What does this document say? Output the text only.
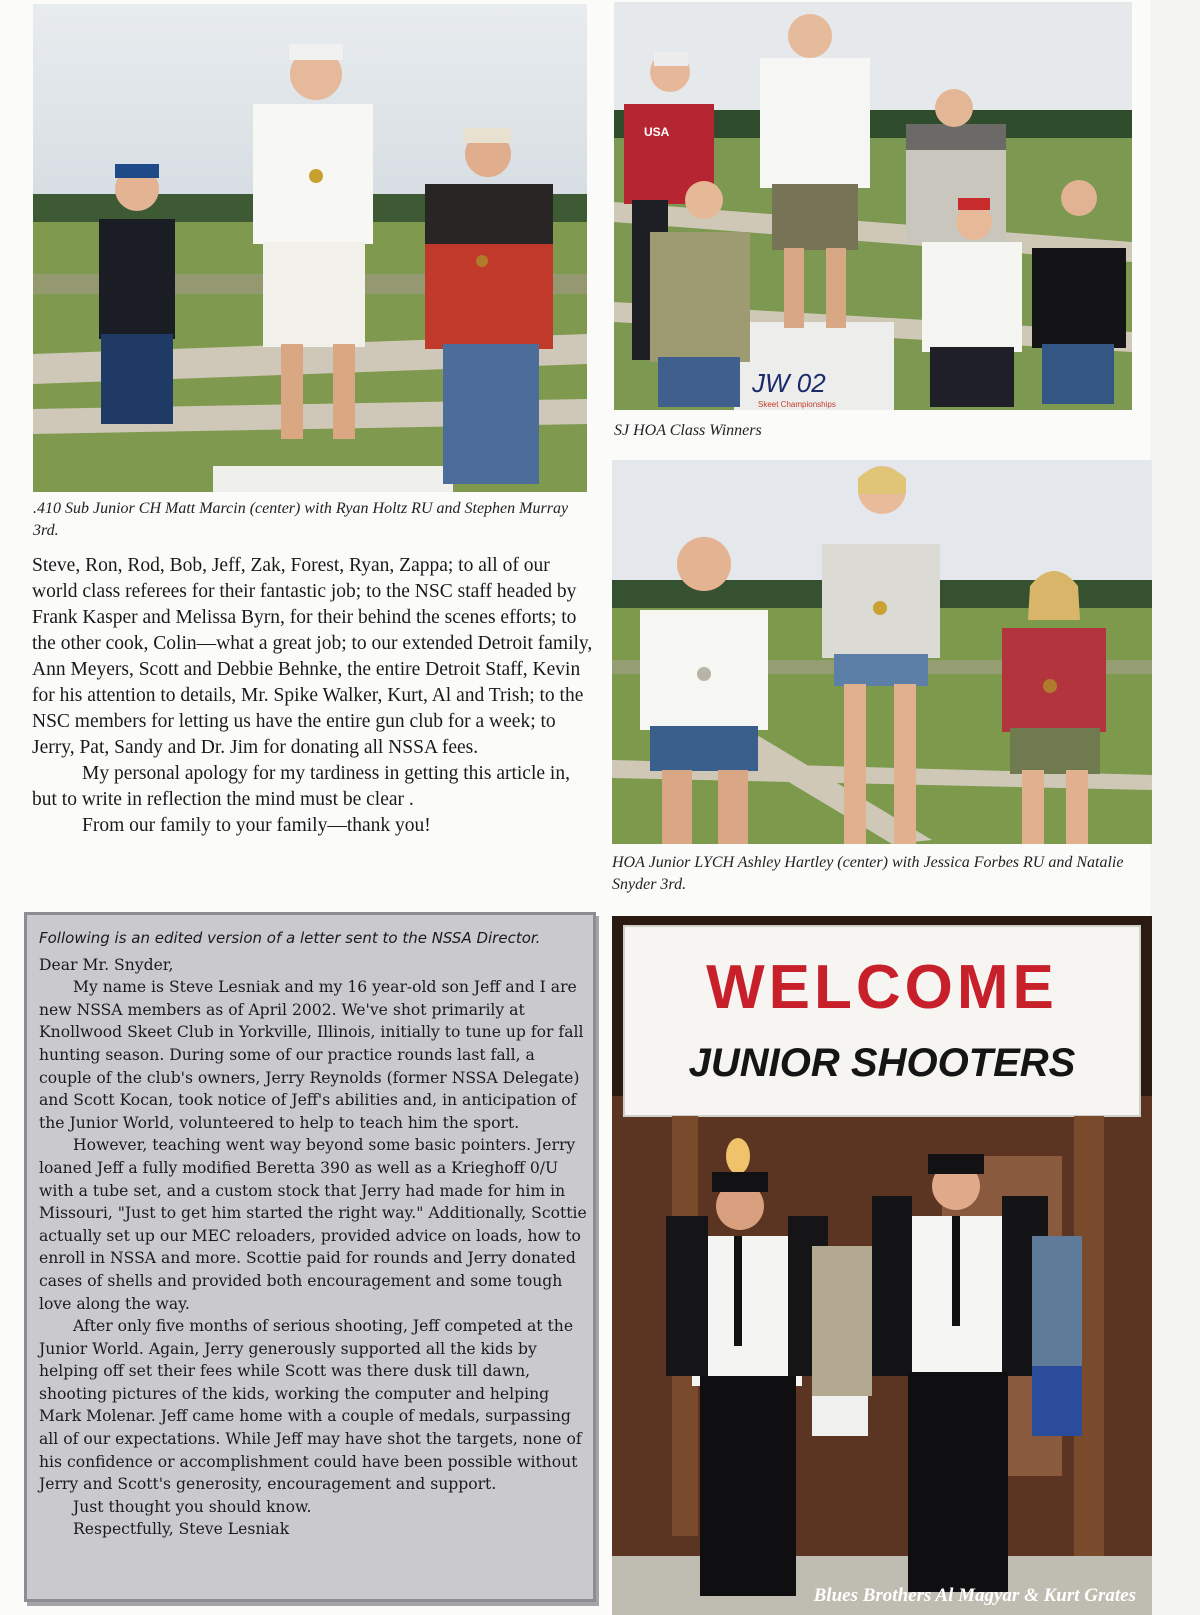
.410 Sub Junior CH Matt Marcin (center) with Ryan Holtz RU and Stephen Murray 3rd.

USA
JW 02
Skeet Championships

SJ HOA Class Winners

HOA Junior LYCH Ashley Hartley (center) with Jessica Forbes RU and Natalie Snyder 3rd.

Steve, Ron, Rod, Bob, Jeff, Zak, Forest, Ryan, Zappa; to all of our world class referees for their fantastic job; to the NSC staff headed by Frank Kasper and Melissa Byrn, for their behind the scenes efforts; to the other cook, Colin—what a great job; to our extended Detroit family, Ann Meyers, Scott and Debbie Behnke, the entire Detroit Staff, Kevin for his attention to details, Mr. Spike Walker, Kurt, Al and Trish; to the NSC members for letting us have the entire gun club for a week; to Jerry, Pat, Sandy and Dr. Jim for donating all NSSA fees.

My personal apology for my tardiness in getting this article in, but to write in reflection the mind must be clear .

From our family to your family—thank you!

Following is an edited version of a letter sent to the NSSA Director.

Dear Mr. Snyder,

My name is Steve Lesniak and my 16 year-old son Jeff and I are new NSSA members as of April 2002. We've shot primarily at Knollwood Skeet Club in Yorkville, Illinois, initially to tune up for fall hunting season. During some of our practice rounds last fall, a couple of the club's owners, Jerry Reynolds (former NSSA Delegate) and Scott Kocan, took notice of Jeff's abilities and, in anticipation of the Junior World, volunteered to help to teach him the sport.

However, teaching went way beyond some basic pointers. Jerry loaned Jeff a fully modified Beretta 390 as well as a Krieghoff 0/U with a tube set, and a custom stock that Jerry had made for him in Missouri, "Just to get him started the right way." Additionally, Scottie actually set up our MEC reloaders, provided advice on loads, how to enroll in NSSA and more. Scottie paid for rounds and Jerry donated cases of shells and provided both encouragement and some tough love along the way.

After only five months of serious shooting, Jeff competed at the Junior World. Again, Jerry generously supported all the kids by helping off set their fees while Scott was there dusk till dawn, shooting pictures of the kids, working the computer and helping Mark Molenar. Jeff came home with a couple of medals, surpassing all of our expectations. While Jeff may have shot the targets, none of his confidence or accomplishment could have been possible without Jerry and Scott's generosity, encouragement and support.

Just thought you should know.

Respectfully, Steve Lesniak

WELCOME
JUNIOR SHOOTERS
Blues Brothers Al Magyar & Kurt Grates
